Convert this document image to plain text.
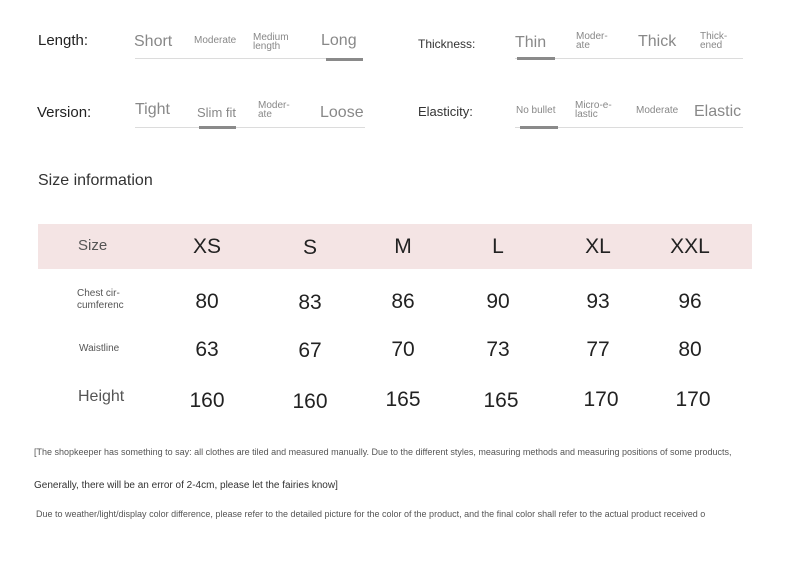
Length:	Short Moderate Medium length	Long	Thickness: Thin	Moder-ate	Thick Thick-ened
Version:	Tight Slim fit Moder-ate	Loose	Elasticity:	No bullet Micro-e-lastic	Moderate Elastic
Size information
Size	XS	S	M	L	XL	XXL
Chest cir-cumferenc	80	83	86	90	93	96
Waistline	63	67	70	73	77	80
Height	160	160	165	165	170	170
[The shopkeeper has something to say: all clothes are tiled and measured manually. Due to the different styles, measuring methods and measuring positions of some products,
Generally, there will be an error of 2-4cm, please let the fairies know]
Due to weather/light/display color difference, please refer to the detailed picture for the color of the product, and the final color shall refer to the actual product received o
